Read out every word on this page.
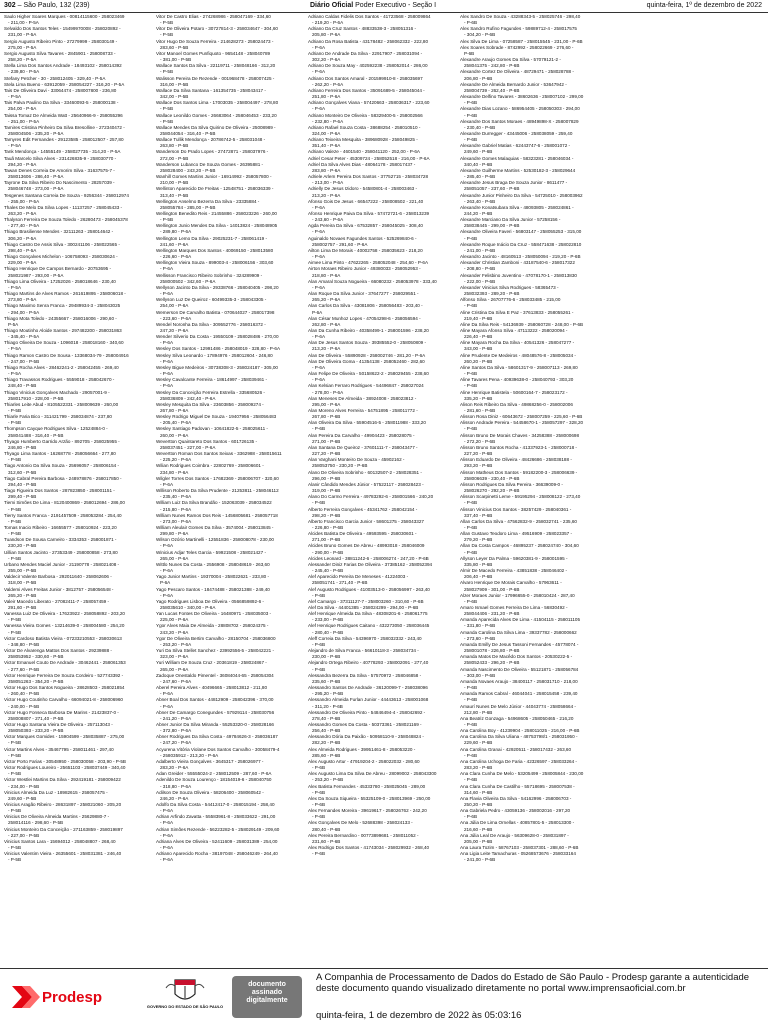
302 – São Paulo, 132 (239)	Diário Oficial Poder Executivo - Seção I	quinta-feira, 1º de dezembro de 2022
Saulo Higher Soares Marques - 00814115600 - 258023469
- 211,00 - P-5A
Selvaldo Dos Santos Teles - 15499970008 - 258020892 -
231,00 - P-5A
Sergio Augusto Ribeiro Pinto - 27279999 - 258030149 -
275,00 - P-5A
Sergio Augusto Silva Tavares - 2845901 - 258008733 -
258,20 - P-5A
Stella Lima Dos Santos Andrade - 18493102 - 258014392
- 239,80 - P-5A
Stefany Petcher - 30 - 258012405 - 329,40 - P-5A
Stela Lima Bueno - 63912059 - 258054227 - 316,20 - P-5A
Tais De Oliveira Davi - 33064474 - 258007800 - 236,80
- P-5A
Tais Palva Paulino Da Silva - 33460093-5 - 258000138 -
254,00 - P-5A
Taissa Tomaz De Almeida Watt - 25640966-9 - 258055296
- 251,00 - P-5A
Tamires Cristina Pinheiro Da Silva Bresolline - 272340472 -
258004506 - 235,20 - P-5A
Tamyres Edit Fernandes - 29123585 - 258012507 - 257,80
- P-5A
Tank Mendonça - 14555149 - 258027735 - 314,20 - P-5A
Tauã Marcelo Silva Alves - 231426835-9 - 258030770 -
294,20 - P-5A
Tawan Denes Correia De Amorim Silva - 31637575-7 -
258013606 - 286,40 - P-5A
Tayrone Da Silva Ribeiro Do Nascimento - 28257039 -
258046748 - 273,00 - P-5A
Tesgenes Santana Correia De Souza - 9256344 - 258012974
- 255,00 - P-5A
Thales De Melo Da Silva Lopes - 11137257 - 258045433 -
263,20 - P-5A
Thalyson Ferreira De Souza Toledo - 26280473 - 258045378
- 277,40 - P-5A
Thiago Brasiliense Mendes - 32111263 - 258014642 -
306,20 - P-5A
Thiago Castro De Assis Silva - 300241106 - 258022565 -
298,40 - P-5A
Thiago Gonçalves Michelon - 106758093 - 258030624 -
229,00 - P-5A
Thiago Henrique De Campos Bernardo - 20753695 -
258021987 - 293,00 - P-5A
Thiago Lima Oliveira - 17252026 - 258018646 - 230,40
- P-5A
Thiago Martins de Alves Ramos - 261619895 - 258006018 -
273,80 - P-5A
Thiago Maximo Senra Franca - 29489934-3 - 258043025
- 294,00 - P-5A
Thiago Mota Toledo - 24355667 - 258016006 - 290,60 -
P-5A
Thiago Moutinho Aloide Santos - 297482200 - 258031863
- 345,40 - P-5A
Thiago Oliveira De Souza - 1096018 - 258018160 - 340,60
- P-5A
Thiago Ramon Castro De Sousa - 13368034-79 - 258004916
- 247,00 - P-5B
Thiago Rocha Alves - 28462241-2 - 258042455 - 269,40
- P-5A
Thiago Travassos Rodrigues - 5559018 - 258042670 -
248,40 - P-5B
Thiago Vinicius Gonçalves Machado - 29057001-9 -
258017910 - 228,00 - P-5B
Thiarles Leite Abud - 8105522331 - 258009639 - 260,00
- P-5B
Thiarle Faria Bico - 311421799 - 258034874 - 237,80
- P-5B
Thompson Cayque Rodrigues Silva - 12524884-0 -
258041488 - 316,40 - P-5B
Thyago Humberto Garrido Arzão - 892705 - 258025955 -
246,80 - P-5B
Thyago Lima Santos - 16268778 - 258056664 - 277,80
- P-5B
Tiago Antonio Da Silva Souza - 25696057 - 258006154 -
312,60 - P-5B
Tiago Cabral Pereira Barbosa - 248978876 - 258017850 -
294,40 - P-5B
Tiago Figueira Dos Santos - 287823850 - 258001151 -
299,40 - P-5B
Tiemi Simões De Lima - 8120400869 - 258012694 - 286,00
- P-5B
Tierry Santos Franca - 2191457509 - 258053284 - 254,40
- P-5B
Tomas Inacio Ribeiro - 16655577 - 258010924 - 223,20
- P-5B
Tuandson De Sousa Carneiro - 3334353 - 258001871 -
230,20 - P-5B
Uillian Santos Jacinto - 27353349 - 258000858 - 273,80
- P-5B
Urbano Mendes Maciel Junior - 21190778 - 258021408 -
255,00 - P-5B
Valdecir Valente Barbosa - 292011640 - 258062606 -
318,00 - P-5B
Valdemi Alves Freitas Junior - 3812757 - 258056548 -
265,20 - P-5B
Valeir Macedo Liberato - 27082411-7 - 258057459 -
291,60 - P-5B
Vanessa Luiz De Oliveira - 17623922 - 258058892 - 203,20
- P-5B
Vanessa Vieira Gomes - 13214639-0 - 258004580 - 254,20
- P-5B
Victor Cardoso Batista Vieira - 07233210553 - 258030613
- 348,80 - P-5B
Victor De Alvarenga Mattos Dos Santos - 29239888 -
258053952 - 330,60 - P-5B
Victor Emanuel Couto De Andrade - 30462441 - 258061353
- 277,60 - P-5B
Victor Henrique Ferreira De Souza Cordeiro - 527743392 -
258051263 - 354,20 - P-5B
Victor Hugo Dos Santos Nogueira - 28628503 - 258021854
- 260,40 - P-5B
Victor Hugo Coutinho Carvalho - 66094021-8 - 258006960
- 240,00 - P-5B
Victor Hugo Fonseca Barbosa De Marins - 21423837-0 -
258008807 - 271,40 - P-5B
Victor Hugo Santana Vieira De Oliveira - 257113043 -
258050393 - 233,20 - P-5B
Victor Marques Gomides - 15904599 - 258035887 - 275,00
- P-5B
Victor Martins Alves - 35467795 - 258011461 - 297,40
- P-5B
Victor Porto Farias - 30548950 - 258030058 - 203,90 - P-5B
Victor Rodrigues Loureiro - 25651103 - 258037449 - 340,40
- P-5B
Victor Westlei Martins Da Silva - 292419181 - 258009422
- 234,00 - P-5B
Vinicius Almeida Da Luz - 18982615 - 258057475 -
249,60 - P-5B
Vinicius Aragão Ribeiro - 28631897 - 258021060 - 205,20
- P-5B
Vinicius De Oliveira Almeida Martins - 25629880-7 -
258014116 - 298,60 - P-5B
Vinicius Monteiro Da Conceição - 271163859 - 258019897
- 227,00 - P-5B
Vinicius Santos Lara - 15694012 - 258048807 - 268,40
- P-5B
Vinicius Valentim Vieira - 26355601 - 258031381 - 246,40
- P-5B
Vitor De Castro Elias - 274268986 - 258047169 - 334,60
- P-5B
Vitor De Oliveira Potaro - 30727814-3 - 258034647 - 304,60
- P-5B
Vitor Hugo De Souza Ferreira - 214628273 - 258024473 -
283,60 - P-5B
Vitor Manoel Gomes Punfiquoto - 9654148 - 258040789
- 381,00 - P-5B
Wallace Santos Da Silva - 22119711 - 258048166 - 312,20
- P-5B
Walisson Pereira De Rezende - 001968478 - 258007425 -
316,00 - P-5B
Wallace Da Silva Santana - 161354735 - 258043417 -
342,00 - P-5B
Wallace Dos Santos Lima - 17003035 - 258004497 - 278,80
- P-5B
Wallace Leonildo Gomes - 26683064 - 258046453 - 233,20
- P-5B
Wallace Mendes Da Silva Quirino De Oliveira - 25008989 -
258044054 - 316,40 - P-5B
Wallace Tullik Mendonça - 20786742-5 - 258031048 -
263,80 - P-5B
Wanderson Do Prado Lopes - 27472871 - 258037976 -
272,00 - P-5B
Wanderson Lubanco De Souza Gomes - 26395881 -
258028400 - 243,20 - P-5B
Wanhill Gomes Martins Junior - 16914992 - 258057800 -
210,00 - P-5B
Wellinton Aparecido De Freitas - 12548751 - 258036339 -
313,40 - P-5B
Wellington Anselmo Bezerra Da Silva - 23335884 -
258055784 - 285,00 - P-5B
Wellington Benedito Reis - 21455886 - 258023226 - 260,00
- P-5B
Wellington Junio Mendes Da Silva - 14013824 - 258048905
- 289,80 - P-6A
Wellington Lemo Da Silva - 29025231-7 - 258061419 -
241,60 - P-6A
Wellington Marques Dos Santos - 40069150 - 258013580
- 226,60 - P-6A
Wellington Vieira Souza - 899003-4 - 258006156 - 303,60
- P-6A
Wellisson Francisco Ribeiro Sobrinho - 324289909 -
258000502 - 342,60 - P-6A
Wellyson Jacinto Da Silva - 29338766 - 258040405 - 298,20
- P-6A
Wellyson Luz De Queiroz - 60499335-3 - 258043305 -
254,00 - P-6A
Wemerson De Carvalho Batista - 070644027 - 258017398
- 223,60 - P-6A
Wendel Noronha Da Silva - 309552776 - 258016372 -
247,20 - P-6A
Wender Silverio Da Costa - 19550109 - 258028486 - 270,00
- P-6A
Wesley Dos Santos - 12991486 - 258048019 - 328,80 - P-6A
Wesley Silva Leonardo - 17894976 - 258012604 - 246,80
- P-6A
Wesley Bigue Medeiros - 30738308-3 - 258024187 - 305,00
- P-6A
Wesley Cavalcante Ferreira - 18614997 - 258039461 -
- P-6A
Wesley Da Conceição Ferreira Estrella - 335680526 -
258036809 - 242,40 - P-6A
Wesley Mesquita Da Silva - 23603856 - 258009274 -
267,80 - P-6A
Wesley Rodrigo Miguel De Souza - 19407956 - 258056483
- 205,40 - P-6A
Wesley Santiago Padovan - 10641822-5 - 258025611 -
260,00 - P-6A
Wevertton Quaintareto Dos Santos - 601726135 -
258037451 - 227,00 - P-6A
Wevertton Roman Dos Santos Seixas - 3362988 - 258015611
- 225,20 - P-6A
Wilian Rodrigues Coimbra - 22802769 - 258006601 -
234,80 - P-6A
Wilgler Torres Dos Santos - 17682369 - 258006707 - 320,60
- P-6A
Willison Roberto Da Silva Prudente - 21253811 - 258046112
- 235,40 - P-6A
William Luiz Da Silva Brandão - 152063039 - 258034522
- 215,80 - P-6A
William Nunes Ramos Dos Reis - 1456805681 - 258057718
- 273,00 - P-6A
William Aleulair Gomes Da Silva - 3574004 - 258013845 -
299,80 - P-6A
Wilson Ozório Martinelli - 12551836 - 258008078 - 230,00
- P-6A
Winicius Adjar Teles Garcia - 59921508 - 258021427 -
265,00 - P-6A
Wittlo Nunes Da Costa - 2556908 - 258048619 - 263,60
- P-6A
Yago Junior Martins - 19370004 - 258022621 - 233,80 -
P-6A
Yago Pescaro Santos - 18474488 - 258021388 - 249,40
- P-6A
Yago Rodrigues Lisboa De Oliveira - 0566859892-6 -
258035610 - 340,00 - P-6A
Yan Lucas Fontes De Oliveira - 16480971 - 258035003 -
225,00 - P-6A
Ygor Alves Maia De Almeida - 28808702 - 258024375 -
243,20 - P-6A
Ygor De Oliveira Bertim Carvalho - 28150704 - 258036800
- 253,20 - P-6A
Yuri Da Silva Stellet Sanchez - 23992556-5 - 258042221 -
323,00 - P-6A
Yuri William De Souza Cruz - 20361819 - 258024867 -
265,00 - P-6A
Zadoque Onestaldo Pimentel - 36084044-65 - 258054304
- 247,60 - P-6A
Aberel Pereira Alves - 40496665 - 258013812 - 211,80
- P-6A
Abner Boal Dos Santos - 44812909 - 258042396 - 370,00
- P-6A
Abner De Camargo Conegundes - 57929114 - 258030756
- 241,20 - P-6A
Abner Junior Da Silva Miranda - 55253320-0 - 258028166
- 372,80 - P-6A
Abner Rodrigues Da Silva Costa - 49784626-3 - 258036187
- 247,20 - P-6A
Acyurena Vitória Violane Dos Santos Carvalho - 30058479-4
- 258035912 - 213,20 - P-6A
Adalberto Vieira Gonçalves - 3645317 - 258026977 -
283,20 - P-6A
Adan Greider - 55555024-2 - 258012509 - 287,60 - P-6A
Adenildo De Souza Lourenço - 18154019-6 - 258040750
- 318,80 - P-6A
Adilson De Souza Oliveira - 58206400 - 258060542 -
246,20 - P-6A
Adolfo Da Silva Costa - 54412417-0 - 258015194 - 258,40
- P-6A
Adrian Arfindo Zavatta - 55583961-8 - 258033622 - 291,00
- P-6A
Adrian Simões Rezende - 56223282-5 - 258029149 - 209,60
- P-6A
Adriana Alves De Oliveira - 52411609 - 258031389 - 254,00
- P-6A
Adriano Aparecido Rocha - 38197048 - 258046249 - 264,40
- P-6A
Adriano Caldas Fidelis Dos Santos - 41723568 - 258009864
- 219,20 - P-6A
Adriano Da Cruz Santos - 48833538-3 - 258051316 -
205,80 - P-6A
Adriano Da Rosa Batista - 43178482 - 258062332 - 222,80
- P-6A
Adriano De Andrade Da Silva - 22917907 - 258031094 -
302,20 - P-6A
Adriano De Souza May - 402592238 - 258052014 - 286,00
- P-6A
Adriano Dos Santos Amaral - 201599910-8 - 258035697
- 262,20 - P-6A
Adriano Ferreira Dos Santos - 35091689-5 - 258045044 -
251,80 - P-6A
Adriano Gonçalves Viana - 57420663 - 258036317 - 223,60
- P-6A
Adriano Monteiro De Oliveira - 58329400-5 - 258002566
- 232,80 - P-6A
Adriano Rafael Souza Costa - 38688254 - 258010510 -
324,00 - P-6A
Adriano Teixeira Mesquita - 389680928 - 258049825 -
351,40 - P-6A
Adriano Valeze - 4601540 - 258041120 - 252,00 - P-6A
Adriel Cesar Peter - 45309724 - 258052518 - 216,00 - P-6A
Adriel Da Silva Alves Dias - 48064178 - 258017437 -
283,80 - P-6A
Adriele Arlem Pereira Dos Santos - 37752715 - 258034728
- 213,00 - P-6A
Adrielly De Jesus Izidoro - 54580801-4 - 258003463 -
213,20 - P-6A
Afonso Gois De Jesus - 66547222 - 258008502 - 221,40
- P-6A
Afonso Henrique Paiva Da Silva - 57472721-6 - 258013239
- 243,60 - P-6A
Agda Pereira Da Silva - 67532857 - 258045025 - 308,40
- P-6A
Aguinaldo Novaes Fagundes Santos - 525269840-6 -
258002757 - 291,60 - P-6A
Ailton Lima De Morais - 40002758 - 258035623 - 218,20
- P-6A
Aimee Lima Pinto - 47622265 - 258052048 - 254,60 - P-6A
Airton Moraes Ribeiro Junior - 49380033 - 258052953 -
218,80 - P-6A
Alan Amaral Souza Nogueira - 66080232 - 258053978 - 333,40
- P-6A
Alan Roque Da Silva Junior - 37647277 - 258029551 -
265,20 - P-6A
Alan Carlos Da Silva - 43081806 - 258056483 - 203,40 -
P-6A
Alan César Munhoz Lopes - 47054298-6 - 258056594 -
262,80 - P-6A
Alan Da Cunha Ribeiro - 40358499-1 - 258001596 - 238,20
- P-6A
Alan De Jesus Santos Souza - 39385552-0 - 258050809 -
213,20 - P-6A
Alan De Oliveira - 55890928 - 258002746 - 281,20 - P-6A
Alan De Oliveira Goma - 41354138 - 258052460 - 282,60
- P-6A
Alan Felipe De Oliveira - 50158622-2 - 258029455 - 238,60
- P-6A
Alan Kelsian Ferraro Rodrigues - 54496847 - 258027024
- 278,00 - P-6A
Alan Meneses De Almeida - 38924008 - 258023812 -
295,00 - P-6A
Alan Moreno Alves Ferreira - 54751895 - 258011772 -
267,80 - P-6B
Alan Oliveira Da Silva - 55904516-5 - 258011988 - 333,20
- P-6B
Alan Pereira Da Carvalho - 49904423 - 258028075 -
271,00 - P-6B
Alan Santana De Queiroz - 37601111-7 - 258043477 -
227,20 - P-6B
Alan Varghani Monteiro De Souza - 45902162 -
258053750 - 230,20 - P-6B
Alano De Oliveira Sobrinho - 60132507-2 - 258028351 -
296,00 - P-6B
Alanir Cândido Mendes Júnior - 57522117 - 258028423 -
319,00 - P-6B
Alano Do Carmo Ferreira - 49783292-6 - 258001566 - 240,20
- P-6B
Alberto Ferreira Gonçalves - 45341762 - 258042154 -
298,20 - P-6B
Alberto Francisco Garcia Junior - 58601275 - 258043327
- 226,80 - P-6B
Alcides Batista De Oliveira - 49593595 - 258030601 -
271,00 - P-6B
Alcides Bruno Gomes De Abreu - 48993018 - 258046009
- 290,00 - P-6B
Alcides Leonard - 38811242-6 - 258006274 - 247,20 - P-6B
Alessander Diniz Farias De Oliveira - 37385162 - 258052394
- 245,40 - P-6B
Alef Aparecido Pereira De Meneses - 41224003 -
258051741 - 271,40 - P-6B
Alef Augusto Rodrigues - 41003513-0 - 258056997 - 263,40
- P-6B
Alef Camargo - 37311127-7 - 258003260 - 310,60 - P-6B
Alef Da Silva - 44401385 - 258024299 - 294,00 - P-6B
Alef Henrique Almeida Da Silva - 48308201-6 - 258061775
- 233,00 - P-6B
Alef Henrique Rodrigues Caitano - 432273050 - 258036445
- 280,40 - P-6B
Aleff Correia Da Silva - 54396970 - 258032332 - 243,40
- P-6B
Alejandro de Silva Franca - 56610118-3 - 258034734 -
230,00 - P-6B
Alejandro Ortega Ribeiro - 40778293 - 258002091 - 277,40
- P-6B
Alessandra Bezerra Da Silva - 57570972 - 258046858 -
235,60 - P-6B
Alessandro Santos De Andrade - 36120099-7 - 258038096
- 295,20 - P-6B
Alessandro Almeida Furlan Junior - 44443613 - 258001068
- 311,20 - P-6B
Alessandro De Oliveira Pinto - 54846494-4 - 258042692 -
278,40 - P-6B
Alessandro Gomes Da Costa - 50373361 - 258021169 -
256,40 - P-6B
Alessandro Dória Da Paixão - 50958110-9 - 258048824 -
282,20 - P-6B
Alex Almeida Rodrigues - 39951461-8 - 258053220 -
285,60 - P-6B
Alex Augusto Artur - 47919204-2 - 258022032 - 280,60
- P-6B
Alex Augusto Lima Da Silva De Abreu - 28099002 - 258043300
- 253,20 - P-6B
Alex Batista Fernandes - 45333780 - 258025045 - 289,00
- P-6B
Alex Da Souza Siqueira - 55325109-0 - 258013969 - 250,00
- P-6B
Alex Fernandes Moreira - 39619617 - 258026762 - 242,20
- P-6B
Alex Gonçalves De Melo - 52688398 - 258024133 -
280,40 - P-6B
Alex Pereira Bernardino - 00773899681 - 258011052 -
231,60 - P-6B
Alex Rodrigo Dos Santos - 41743034 - 258029932 - 268,40
- P-6B
Alex Sandro De Souza - 43288343-5 - 258025746 - 298,40
- P-6B
Alex Sandro Rufino Fagundes - 59889712-4 - 258017575
- 304,20 - P-6B
Alex Silva De Lima - 07258587 - 258015545 - 231,00 - P-6B
Alex Soares Sobrade - 8742992 - 258022669 - 276,60 -
P-6B
Alexandre Araujo Gomes Da Silva - 57079121-2 -
258041375 - 242,80 - P-6B
Alexandre Cortez De Oliveira - 48729471 - 258028788 -
206,80 - P-6B
Alexandre De Almeida Bernardo Junior - 53647942 -
258004739 - 262,40 - P-6B
Alexandre Delfino Tavares - 38602636 - 258007102 - 299,00
- P-6B
Alexandre Dias Lozano - 586954405 - 258050303 - 294,00
- P-6B
Alexandre Dos Santos Moraes - 48949898-X - 258007829
- 230,40 - P-6B
Alexandre Durregger - 43445006 - 258038059 - 259,40
- P-6B
Alexandre Gabriel Matias - 62443747-6 - 258001072 -
249,60 - P-6B
Alexandre Gomes Malaquias - 58323281 - 258046034 -
340,40 - P-6B
Alexandre Guilherme Martins - 52530182-3 - 258029644
- 285,40 - P-6B
Alexandre Jesus Braga De Souza Junior - 8611477 -
258051057 - 237,60 - P-6B
Alexandre Junior Pinheiro Da Silva - 54725010 - 258003962
- 263,40 - P-6B
Alexandre Konatsubara Silva - 48093805 - 258024861 -
244,20 - P-6B
Alexandre Marciano Da Silva Junior - 57258156 -
258038445 - 299,00 - P-6B
Alexandre Oliveira Faveri - 56803147 - 258055253 - 315,00
- P-6B
Alexandre Roque Inácio Da Cruz - 558471638 - 258022810
- 241,00 - P-6B
Alexandro Jacinto - 48160513 - 258050094 - 219,20 - P-6B
Alexander Christian Zamboni - 43187540-6 - 258017322
- 208,80 - P-6B
Alexander Felisbino Juventino - 47078170-1 - 258013830
- 222,00 - P-6B
Alexander Vinicius Silva Rodrigues - 58365473 -
258032393 - 289,20 - P-6B
Alfonso Silva - 26707776-6 - 258033485 - 215,00
- P-6B
Aline Cristina Da Silva E Paz - 37613833 - 258055261 -
219,40 - P-6B
Aline Da Silva Reis - 54136939 - 258060728 - 248,00 - P-6B
Aline Mayara Afonso Silva - 47113222 - 258020094 -
226,40 - P-6B
Aline Mayara Rocha Da Silva - 40541326 - 258047277 -
343,00 - P-6B
Aline Prudente De Medeiros - 48048576-8 - 258005034 -
260,20 - P-6B
Aline Santos Da Silva - 58601317-9 - 258007113 - 269,80
- P-6B
Aline Tavares Pena - 40939638-0 - 258040793 - 303,20
- P-6B
Aline Henrique Batistela - 50600164-7 - 258023172 -
335,20 - P-6B
Alison Reis Ribeiro Da Silva - 49868256-0 - 258002006
- 281,60 - P-6B
Alisson Rosa Diniz - 60643672 - 258007259 - 225,60 - P-6B
Alisson Andrade Pereira - 54458670-1 - 258057297 - 328,20
- P-6B
Alisson Bruno De Morais Chaves - 34258388 - 258000698
- 272,20 - P-6B
Alisson Bruno Santos Rocha - 41337923-1 - 258000718 -
227,20 - P-6B
Alisson Eduardo De Oliveira - 48426686 - 258038188 -
293,20 - P-6B
Alisson Matheus Dos Santos - 59182200-3 - 258006639 -
258006639 - 230,40 - P-6B
Alisson Rodrigues Da Silva Pereira - 36639009-0 -
258026270 - 292,20 - P-6B
Alisson Scarpinetti Leme - 59195294 - 258008122 - 273,40
- P-6B
Alisson Vinicius Dos Santos - 38257429 - 258040361 -
337,40 - P-6B
Allan Carlos Da Silva - 47562832-9 - 258032741 - 235,60
- P-6B
Allan Gustavo Teodoro Lima - 49516909 - 258023357 -
279,20 - P-6B
Allan Da Costa Campos - 46895237 - 258024740 - 304,60
- P-6B
Allyson Leyer Da Palma - 59620381-9 - 258001595 -
335,80 - P-6B
Almir De Macedo Ferreira - 43851838 - 258046402 -
206,40 - P-6B
Alvaro Henrique De Morais Carvalho - 57963611 -
258027909 - 301,00 - P-6B
Alzer Moraes Junior - 17996655-0 - 258010424 - 287,40
- P-6B
Amaro Ismael Gomes Ferreira De Lima - 56830492 -
258044406 - 231,20 - P-6B
Amanda Aparecida Alves De Lima - 41504115 - 258011105
- 331,80 - P-6B
Amanda Carolina Da Silva Lima - 39337782 - 258000662
- 273,60 - P-6B
Amanda Emilly De Jesus Tassoni Fernandes - 45778074 -
258001078 - 226,80 - P-6B
Amanda Matos De Macêdo Dos Santos - 20530222-5 -
258052433 - 296,20 - P-6B
Amanda Nascimento De Oliveira - 55121871 - 258056784
- 303,00 - P-6B
Amanda Novaes Araujo - 38400117 - 258031710 - 218,00
- P-6B
Amanda Ramos Cabral - 46044041 - 258015458 - 239,40
- P-6B
Amaurí Nunes De Melo Júnior - 44043774 - 258058664 -
212,80 - P-6B
Ana Beatriz Gonzaga - 54968605 - 258050465 - 216,20
- P-6B
Ana Carolina Boy - 41239904 - 258011025 - 216,00 - P-6B
Ana Carolina Da Silva Uliana - 48753798/1 - 258031950 -
229,60 - P-6B
Ana Carolina Granai - 42920511 - 258017432 - 263,60
- P-6B
Ana Carolina Uchoga De Faria - 42326597 - 258033264 -
283,20 - P-6B
Ana Clara Cunha De Melo - 53205499 - 258005844 - 230,00
- P-6B
Ana Clara Cunha De Castilho - 55718695 - 258007538 -
314,60 - P-6B
Ana Flavia Oliveira Da Silva - 54162996 - 258006703 -
250,20 - P-6B
Ana Gabriela Pedro - 43059136 - 258002016 - 297,20
- P-6B
Ana Júlia De Lima Ornellas - 40857801-5 - 258013300 -
216,60 - P-6B
Ana Júlia Leal De Araujo - 56309628-0 - 258031897 -
205,00 - P-6B
Ana Laura Tozim - 58767103 - 258037301 - 288,60 - P-6B
Ana Ligia Leite Tamachuras - 05268573676 - 258033164
- 241,00 - P-6B
Prodesp
GOVERNO DO ESTADO DE SÃO PAULO
documento
assinado
digitalmente
A Companhia de Processamento de Dados do Estado de São Paulo - Prodesp garante a autenticidade deste documento quando visualizado diretamente no portal www.imprensaoficial.com.br
quinta-feira, 1 de dezembro de 2022 às 05:03:16
